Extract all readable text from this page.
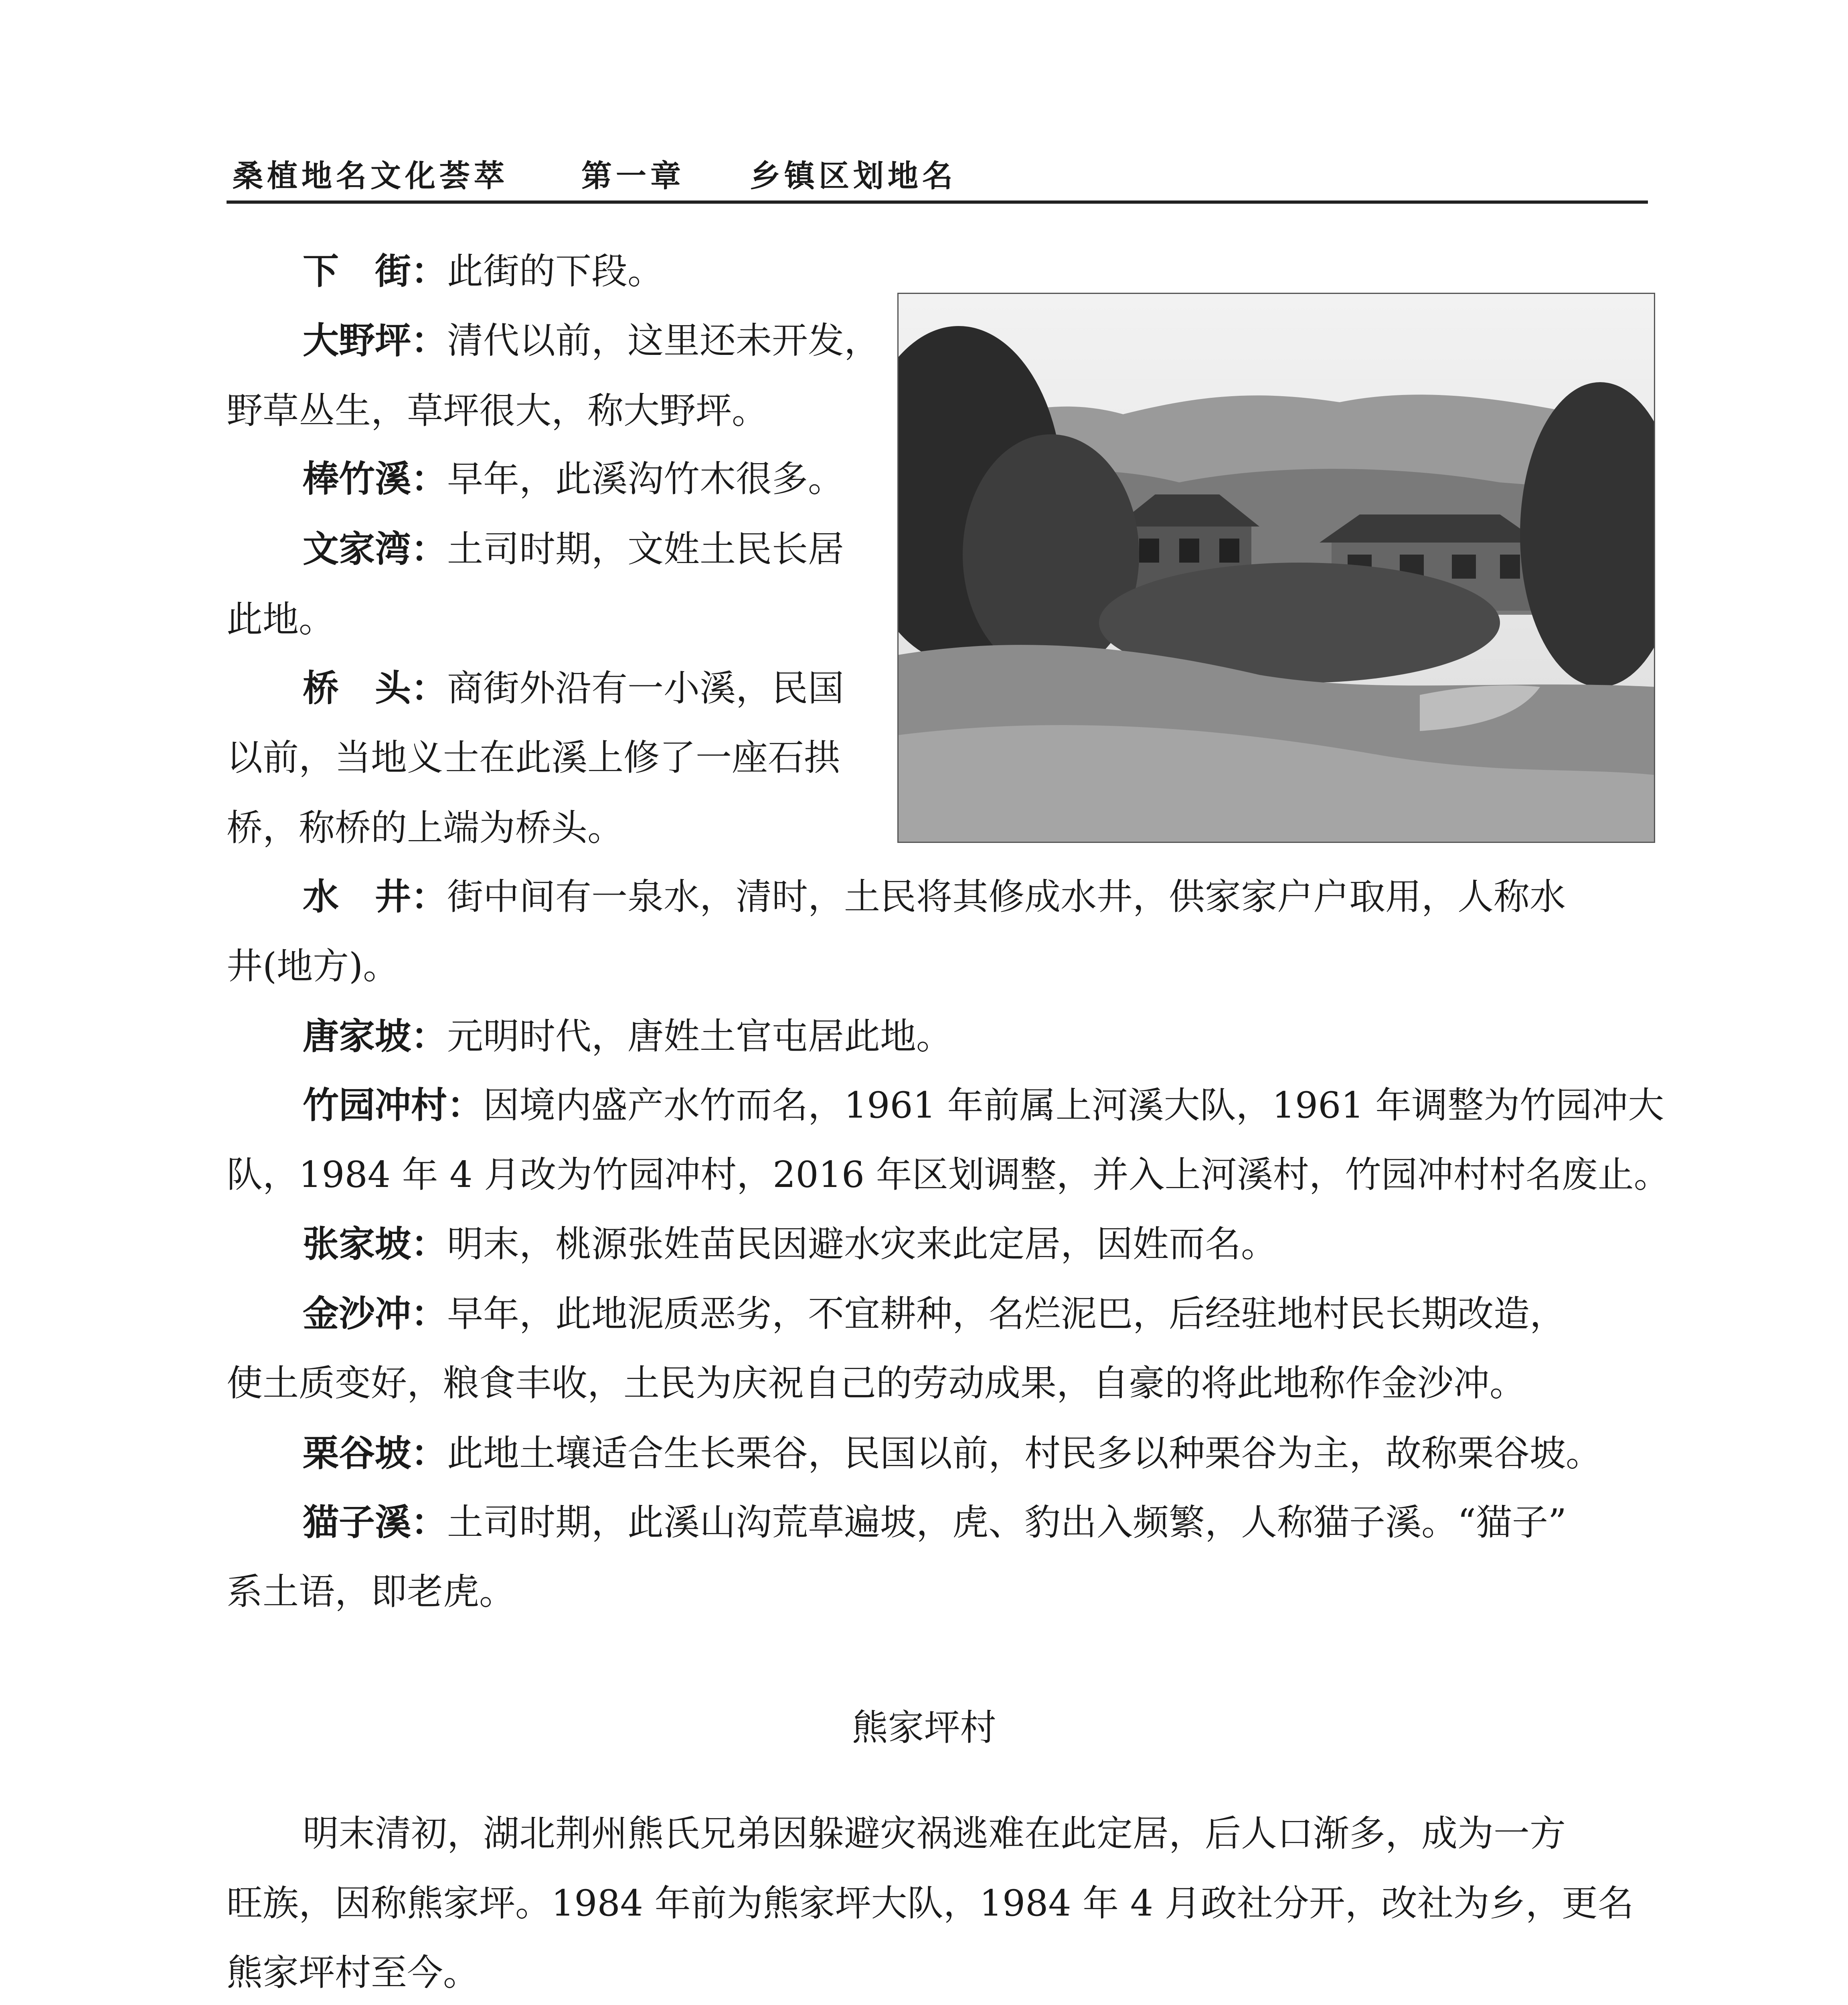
桑植地名文化荟萃 第一章 乡镇区划地名
下　街：此街的下段。
大野坪：清代以前，这里还未开发，
野草丛生，草坪很大，称大野坪。
棒竹溪：早年，此溪沟竹木很多。
文家湾：土司时期，文姓土民长居
此地。
桥　头：商街外沿有一小溪，民国
以前，当地义士在此溪上修了一座石拱
桥，称桥的上端为桥头。
水　井：街中间有一泉水，清时，土民将其修成水井，供家家户户取用，人称水
井(地方)。
唐家坡：元明时代，唐姓土官屯居此地。
竹园冲村：因境内盛产水竹而名，1961 年前属上河溪大队，1961 年调整为竹园冲大
队，1984 年 4 月改为竹园冲村，2016 年区划调整，并入上河溪村，竹园冲村村名废止。
张家坡：明末，桃源张姓苗民因避水灾来此定居，因姓而名。
金沙冲：早年，此地泥质恶劣，不宜耕种，名烂泥巴，后经驻地村民长期改造，
使土质变好，粮食丰收，土民为庆祝自己的劳动成果，自豪的将此地称作金沙冲。
栗谷坡：此地土壤适合生长栗谷，民国以前，村民多以种栗谷为主，故称栗谷坡。
猫子溪：土司时期，此溪山沟荒草遍坡，虎、豹出入频繁，人称猫子溪。“猫子”
系土语，即老虎。
熊家坪村
明末清初，湖北荆州熊氏兄弟因躲避灾祸逃难在此定居，后人口渐多，成为一方
旺族，因称熊家坪。1984 年前为熊家坪大队，1984 年 4 月政社分开，改社为乡，更名
熊家坪村至今。
